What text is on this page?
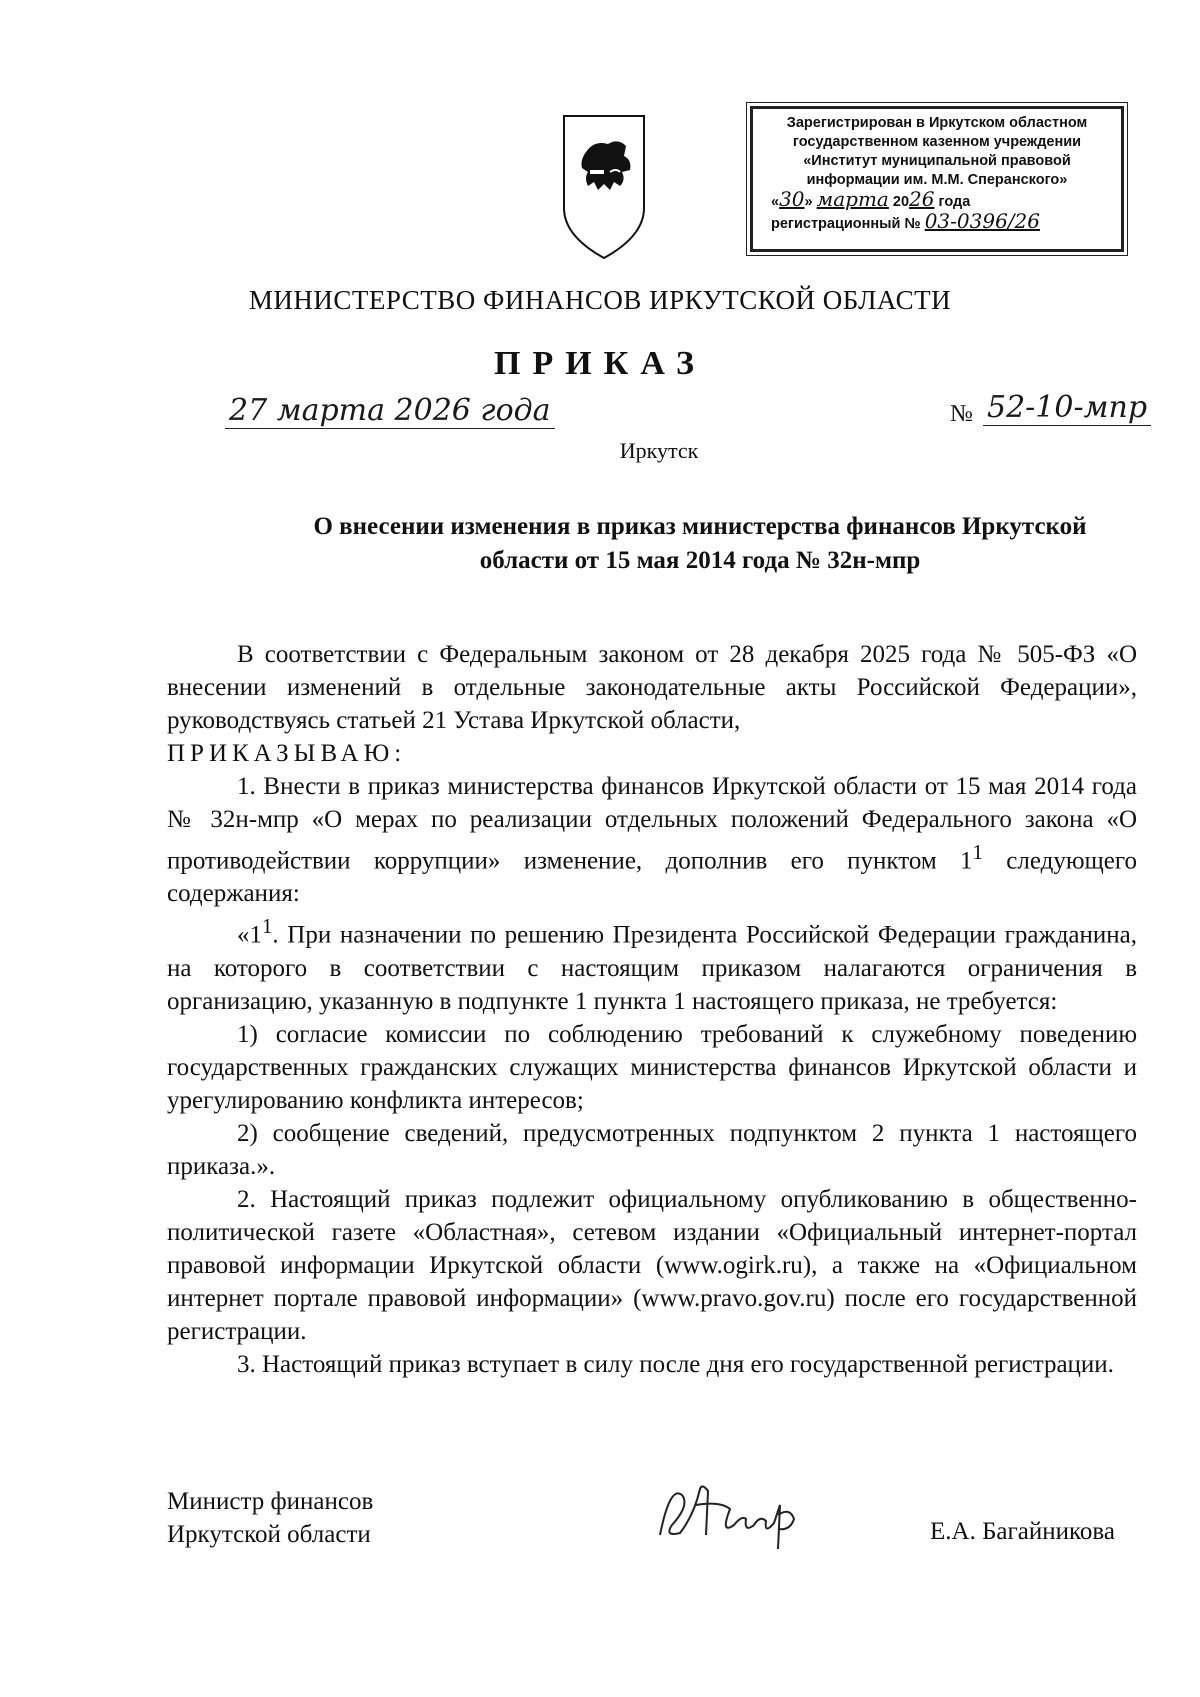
Зарегистрирован в Иркутском областном
государственном казенном учреждении
«Институт муниципальной правовой
информации им. М.М. Сперанского»
«30» марта 2026 года
регистрационный № 03-0396/26
МИНИСТЕРСТВО ФИНАНСОВ ИРКУТСКОЙ ОБЛАСТИ
ПРИКАЗ
27 марта 2026 года	№ 52-10-мпр
Иркутск
О внесении изменения в приказ министерства финансов Иркутской
области от 15 мая 2014 года № 32н-мпр

В соответствии с Федеральным законом от 28 декабря 2025 года № 505-ФЗ «О внесении изменений в отдельные законодательные акты Российской Федерации», руководствуясь статьей 21 Устава Иркутской области,

ПРИКАЗЫВАЮ:

1. Внести в приказ министерства финансов Иркутской области от 15 мая 2014 года № 32н-мпр «О мерах по реализации отдельных положений Федерального закона «О противодействии коррупции» изменение, дополнив его пунктом $1^1$ следующего содержания:

«$1^1$. При назначении по решению Президента Российской Федерации гражданина, на которого в соответствии с настоящим приказом налагаются ограничения в организацию, указанную в подпункте 1 пункта 1 настоящего приказа, не требуется:

1) согласие комиссии по соблюдению требований к служебному поведению государственных гражданских служащих министерства финансов Иркутской области и урегулированию конфликта интересов;

2) сообщение сведений, предусмотренных подпунктом 2 пункта 1 настоящего приказа.».

2. Настоящий приказ подлежит официальному опубликованию в общественно-политической газете «Областная», сетевом издании «Официальный интернет-портал правовой информации Иркутской области (www.ogirk.ru), а также на «Официальном интернет портале правовой информации» (www.pravo.gov.ru) после его государственной регистрации.

3. Настоящий приказ вступает в силу после дня его государственной регистрации.

Министр финансов
Иркутской области	Е.А. Багайникова
